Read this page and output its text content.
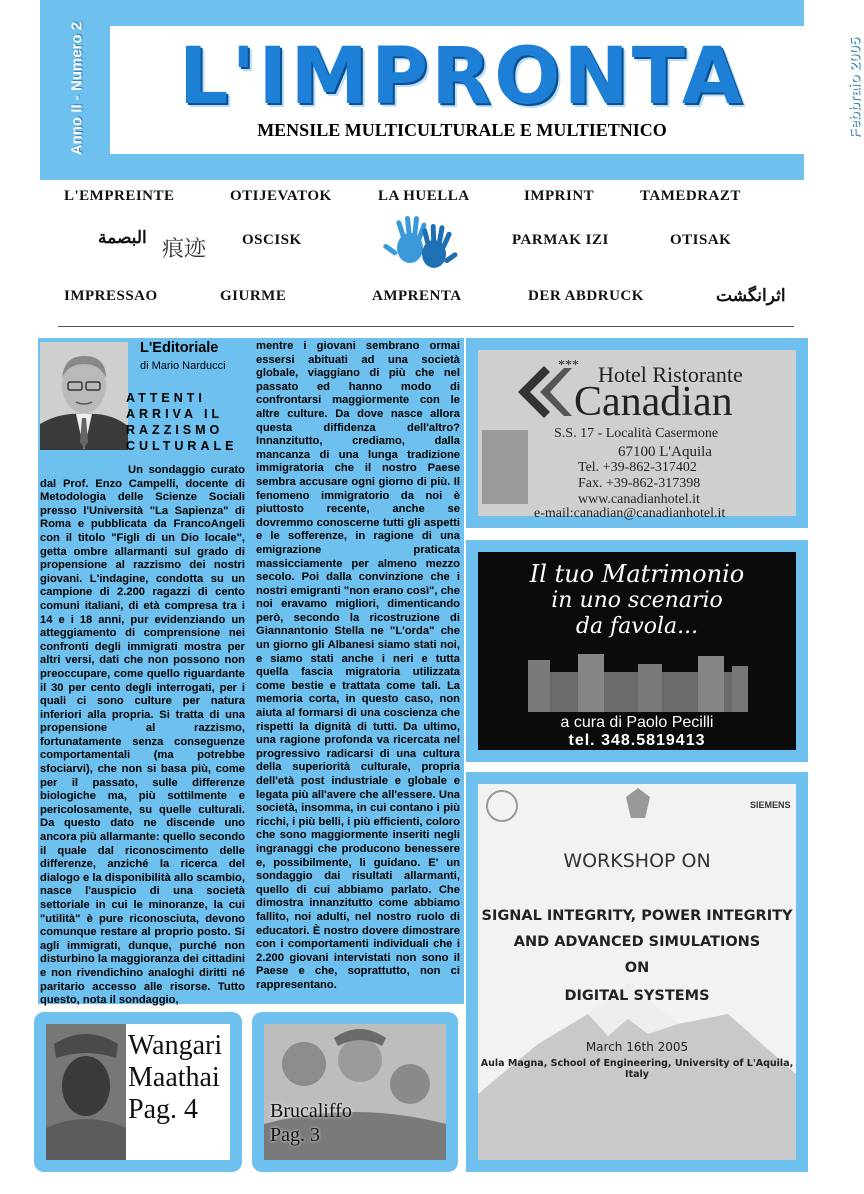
Anno II - Numero 2	Febbraio 2005
L'IMPRONTA
MENSILE MULTICULTURALE E MULTIETNICO
L'EMPREINTE	OTIJEVATOK	LA HUELLA	IMPRINT	TAMEDRAZT
البصمة 痕迹 OSCISK	PARMAK IZI	OTISAK
IMPRESSAO	GIURME	AMPRENTA	DER ABDRUCK	اثرانگشت
L'Editoriale
di Mario Narducci
ATTENTI ARRIVA IL RAZZISMO CULTURALE
Un sondaggio curato dal Prof. Enzo Campelli, docente di Metodologia delle Scienze Sociali presso l'Università "La Sapienza" di Roma e pubblicata da FrancoAngeli con il titolo "Figli di un Dio locale", getta ombre allarmanti sul grado di propensione al razzismo dei nostri giovani. L'indagine, condotta su un campione di 2.200 ragazzi di cento comuni italiani, di età compresa tra i 14 e i 18 anni, pur evidenziando un atteggiamento di comprensione nei confronti degli immigrati mostra per altri versi, dati che non possono non preoccupare, come quello riguardante il 30 per cento degli interrogati, per i quali ci sono culture per natura inferiori alla propria. Si tratta di una propensione al razzismo, fortunatamente senza conseguenze comportamentali (ma potrebbe sfociarvi), che non si basa più, come per il passato, sulle differenze biologiche ma, più sottilmente e pericolosamente, su quelle culturali. Da questo dato ne discende uno ancora più allarmante: quello secondo il quale dal riconoscimento delle differenze, anziché la ricerca del dialogo e la disponibilità allo scambio, nasce l'auspicio di una società settoriale in cui le minoranze, la cui "utilità" è pure riconosciuta, devono comunque restare al proprio posto. Si agli immigrati, dunque, purché non disturbino la maggioranza dei cittadini e non rivendichino analoghi diritti né paritario accesso alle risorse. Tutto questo, nota il sondaggio,
mentre i giovani sembrano ormai essersi abituati ad una società globale, viaggiano di più che nel passato ed hanno modo di confrontarsi maggiormente con le altre culture. Da dove nasce allora questa diffidenza dell'altro? Innanzitutto, crediamo, dalla mancanza di una lunga tradizione immigratoria che il nostro Paese sembra accusare ogni giorno di più. Il fenomeno immigratorio da noi è piuttosto recente, anche se dovremmo conoscerne tutti gli aspetti e le sofferenze, in ragione di una emigrazione praticata massicciamente per almeno mezzo secolo. Poi dalla convinzione che i nostri emigranti "non erano così", che noi eravamo migliori, dimenticando però, secondo la ricostruzione di Giannantonio Stella ne "L'orda" che un giorno gli Albanesi siamo stati noi, e siamo stati anche i neri e tutta quella fascia migratoria utilizzata come bestie e trattata come tali. La memoria corta, in questo caso, non aiuta al formarsi di una coscienza che rispetti la dignità di tutti. Da ultimo, una ragione profonda va ricercata nel progressivo radicarsi di una cultura della superiorità culturale, propria dell'età post industriale e globale e legata più all'avere che all'essere. Una società, insomma, in cui contano i più ricchi, i più belli, i più efficienti, coloro che sono maggiormente inseriti negli ingranaggi che producono benessere e, possibilmente, li guidano. E' un sondaggio dai risultati allarmanti, quello di cui abbiamo parlato. Che dimostra innanzitutto come abbiamo fallito, noi adulti, nel nostro ruolo di educatori. È nostro dovere dimostrare con i comportamenti individuali che i 2.200 giovani intervistati non sono il Paese e che, soprattutto, non ci rappresentano.
*** Hotel Ristorante
Canadian
S.S. 17 - Località Casermone
67100 L'Aquila
Tel. +39-862-317402
Fax. +39-862-317398
www.canadianhotel.it
e-mail:canadian@canadianhotel.it
Il tuo Matrimonio
in uno scenario
da favola...
a cura di Paolo Pecilli
tel. 348.5819413
SIEMENS
WORKSHOP ON
SIGNAL INTEGRITY, POWER INTEGRITY
AND ADVANCED SIMULATIONS
ON
DIGITAL SYSTEMS
March 16th 2005
Aula Magna, School of Engineering, University of L'Aquila, Italy
Wangari
Maathai
Pag. 4	Brucaliffo
Pag. 3
